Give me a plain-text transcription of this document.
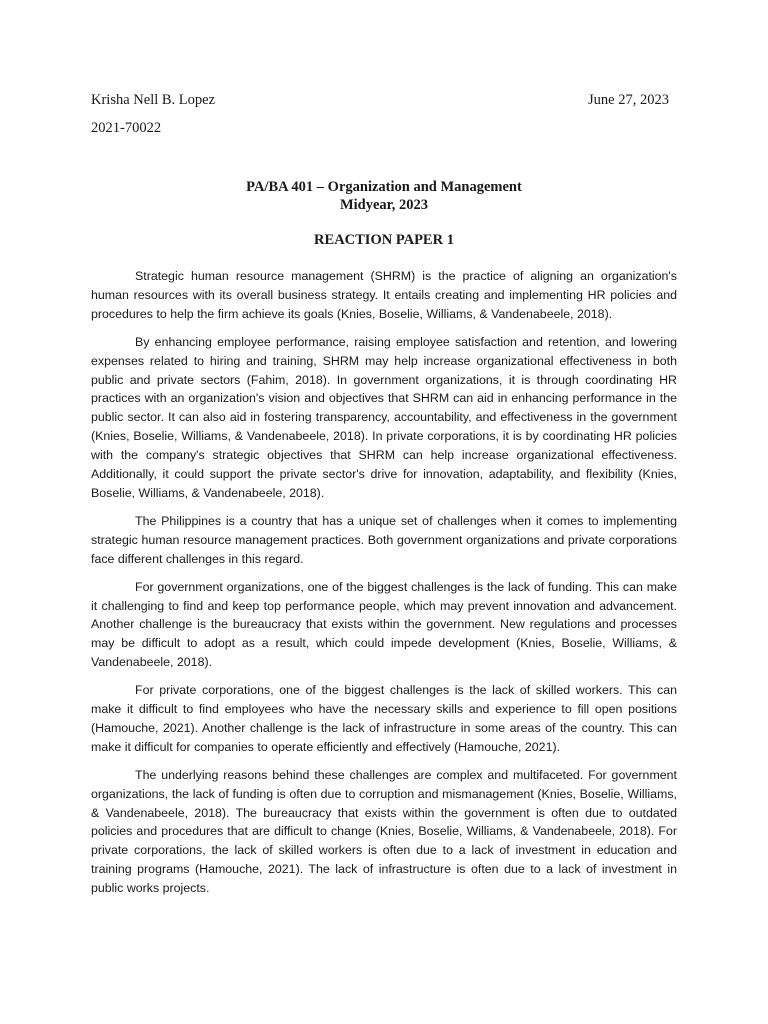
Krisha Nell B. Lopez	June 27, 2023
2021-70022
PA/BA 401 – Organization and Management
Midyear, 2023
REACTION PAPER 1

Strategic human resource management (SHRM) is the practice of aligning an organization's human resources with its overall business strategy. It entails creating and implementing HR policies and procedures to help the firm achieve its goals (Knies, Boselie, Williams, & Vandenabeele, 2018).

By enhancing employee performance, raising employee satisfaction and retention, and lowering expenses related to hiring and training, SHRM may help increase organizational effectiveness in both public and private sectors (Fahim, 2018). In government organizations, it is through coordinating HR practices with an organization's vision and objectives that SHRM can aid in enhancing performance in the public sector. It can also aid in fostering transparency, accountability, and effectiveness in the government (Knies, Boselie, Williams, & Vandenabeele, 2018). In private corporations, it is by coordinating HR policies with the company's strategic objectives that SHRM can help increase organizational effectiveness. Additionally, it could support the private sector's drive for innovation, adaptability, and flexibility (Knies, Boselie, Williams, & Vandenabeele, 2018).

The Philippines is a country that has a unique set of challenges when it comes to implementing strategic human resource management practices. Both government organizations and private corporations face different challenges in this regard.

For government organizations, one of the biggest challenges is the lack of funding. This can make it challenging to find and keep top performance people, which may prevent innovation and advancement. Another challenge is the bureaucracy that exists within the government. New regulations and processes may be difficult to adopt as a result, which could impede development (Knies, Boselie, Williams, & Vandenabeele, 2018).

For private corporations, one of the biggest challenges is the lack of skilled workers. This can make it difficult to find employees who have the necessary skills and experience to fill open positions (Hamouche, 2021). Another challenge is the lack of infrastructure in some areas of the country. This can make it difficult for companies to operate efficiently and effectively (Hamouche, 2021).

The underlying reasons behind these challenges are complex and multifaceted. For government organizations, the lack of funding is often due to corruption and mismanagement (Knies, Boselie, Williams, & Vandenabeele, 2018). The bureaucracy that exists within the government is often due to outdated policies and procedures that are difficult to change (Knies, Boselie, Williams, & Vandenabeele, 2018). For private corporations, the lack of skilled workers is often due to a lack of investment in education and training programs (Hamouche, 2021). The lack of infrastructure is often due to a lack of investment in public works projects.
